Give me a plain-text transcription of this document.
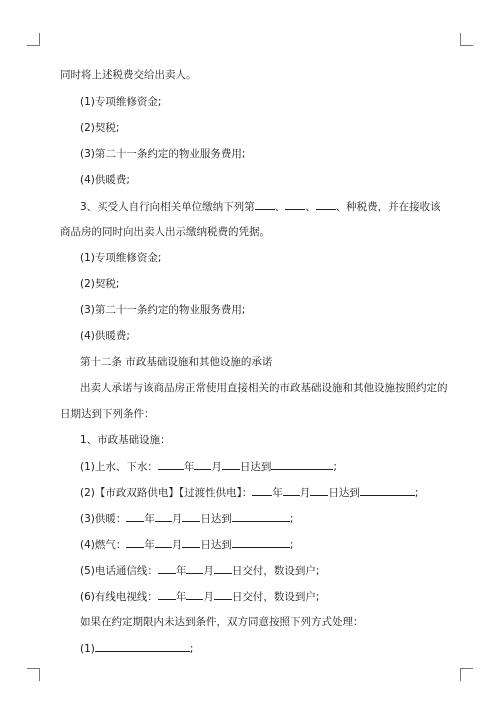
同时将上述税费交给出卖人。
(1)专项维修资金;
(2)契税;
(3)第二十一条约定的物业服务费用;
(4)供暖费;
3、买受人自行向相关单位缴纳下列第 、 、 、种税费，并在接收该
商品房的同时向出卖人出示缴纳税费的凭据。
(1)专项维修资金;
(2)契税;
(3)第二十一条约定的物业服务费用;
(4)供暖费;
第十二条 市政基础设施和其他设施的承诺
出卖人承诺与该商品房正常使用直接相关的市政基础设施和其他设施按照约定的
日期达到下列条件：
1、市政基础设施：
(1)上水、下水： 年 月 日达到	;
(2)【市政双路供电】【过渡性供电】： 年 月 日达到	;
(3)供暖： 年 月 日达到	;
(4)燃气： 年 月 日达到	;
(5)电话通信线： 年 月 日交付，数设到户;
(6)有线电视线： 年 月 日交付，数设到户;
如果在约定期限内未达到条件，双方同意按照下列方式处理：
(1)	;
